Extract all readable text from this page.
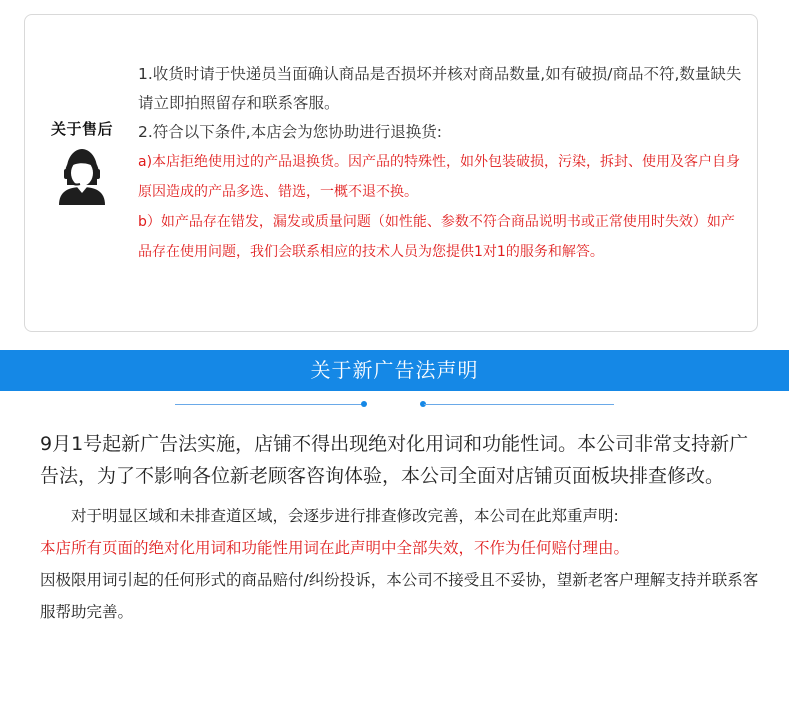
关于售后

1.收货时请于快递员当面确认商品是否损坏并核对商品数量,如有破损/商品不符,数量缺失请立即拍照留存和联系客服。

2.符合以下条件,本店会为您协助进行退换货:

a)本店拒绝使用过的产品退换货。因产品的特殊性，如外包装破损，污染，拆封、使用及客户自身原因造成的产品多选、错选，一概不退不换。

b）如产品存在错发，漏发或质量问题（如性能、参数不符合商品说明书或正常使用时失效）如产品存在使用问题，我们会联系相应的技术人员为您提供1对1的服务和解答。

关于新广告法声明

9月1号起新广告法实施，店铺不得出现绝对化用词和功能性词。本公司非常支持新广告法，为了不影响各位新老顾客咨询体验，本公司全面对店铺页面板块排查修改。

对于明显区域和未排查道区域，会逐步进行排查修改完善，本公司在此郑重声明:

本店所有页面的绝对化用词和功能性用词在此声明中全部失效，不作为任何赔付理由。

因极限用词引起的任何形式的商品赔付/纠纷投诉，本公司不接受且不妥协，望新老客户理解支持并联系客服帮助完善。
